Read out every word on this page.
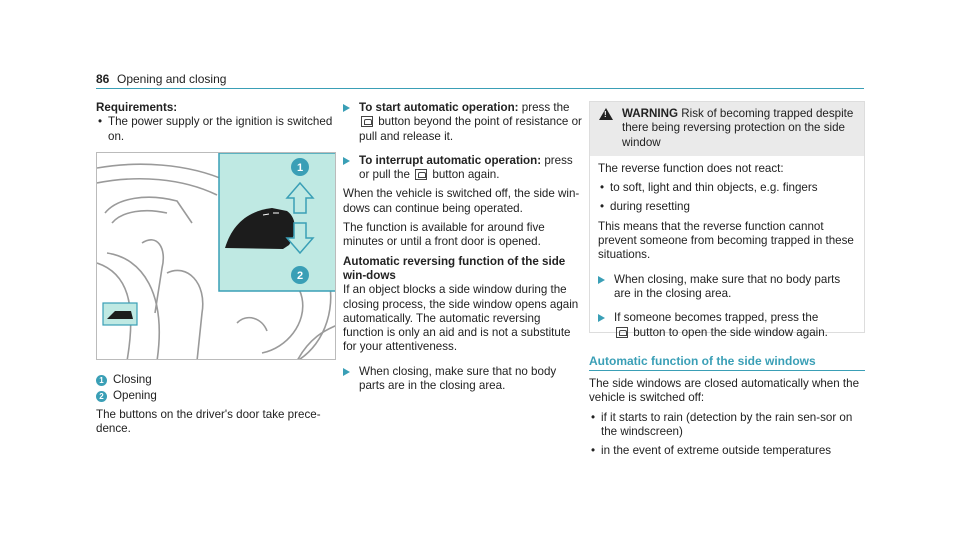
86 Opening and closing

Requirements:

• The power supply or the ignition is switched on.

1
2

1 Closing

2 Opening

The buttons on the driver's door take prece-dence.

To start automatic operation: press the
button beyond the point of resistance or pull and release it.

To interrupt automatic operation: press or pull the button again.

When the vehicle is switched off, the side win-dows can continue being operated.

The function is available for around five minutes or until a front door is opened.

Automatic reversing function of the side win-dows

If an object blocks a side window during the closing process, the side window opens again automatically. The automatic reversing function is only an aid and is not a substitute for your attentiveness.

When closing, make sure that no body parts are in the closing area.

! WARNING Risk of becoming trapped despite there being reversing protection on the side window

The reverse function does not react:

• to soft, light and thin objects, e.g. fingers

• during resetting

This means that the reverse function cannot prevent someone from becoming trapped in these situations.

When closing, make sure that no body parts are in the closing area.

If someone becomes trapped, press the
button to open the side window again.

Automatic function of the side windows

The side windows are closed automatically when the vehicle is switched off:

• if it starts to rain (detection by the rain sen-sor on the windscreen)

• in the event of extreme outside temperatures
